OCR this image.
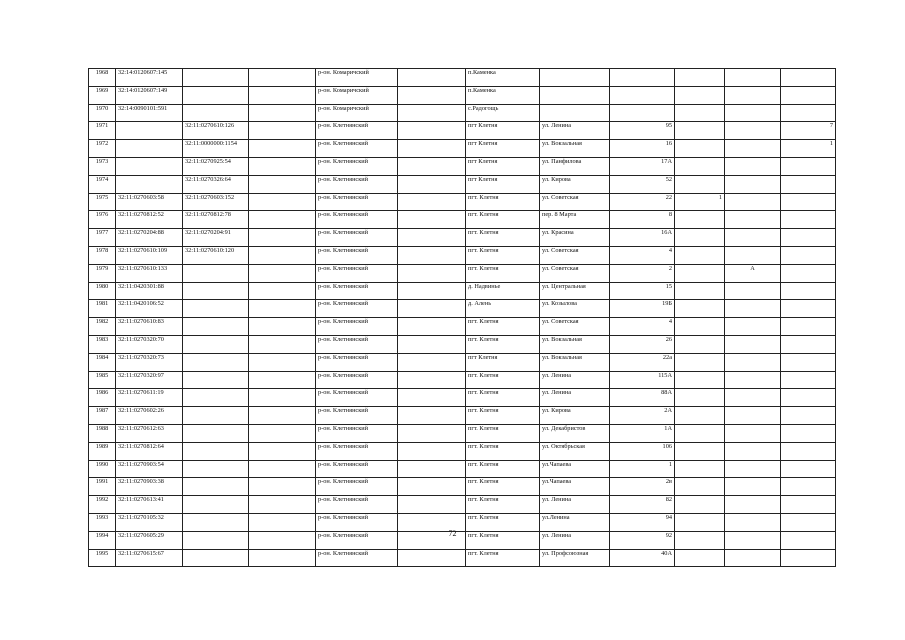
1968	32:14:0120607:145			р-он. Комаричский		п.Каменка					
1969	32:14:0120607:149			р-он. Комаричский		п.Каменка					
1970	32:14:0090101:591			р-он. Комаричский		с.Радогощь					
1971		32:11:0270610:126		р-он. Клетнянский		пгт Клетня	ул. Ленина	95			7
1972		32:11:0000000:1154		р-он. Клетнянский		пгт Клетня	ул. Вокзальная	16			1
1973		32:11:0270925:54		р-он. Клетнянский		пгт Клетня	ул. Панфилова	17А			
1974		32:11:0270326:64		р-он. Клетнянский		пгт Клетня	ул. Кирова	52			
1975	32:11:0270603:58	32:11:0270603:152		р-он. Клетнянский		пгт. Клетня	ул. Советская	22	1		
1976	32:11:0270812:52	32:11:0270812:78		р-он. Клетнянский		пгт. Клетня	пер. 8 Марта	8			
1977	32:11:0270204:88	32:11:0270204:91		р-он. Клетнянский		пгт. Клетня	ул. Красина	16А			
1978	32:11:0270610:109	32:11:0270610:120		р-он. Клетнянский		пгт. Клетня	ул. Советская	4			
1979	32:11:0270610:133			р-он. Клетнянский		пгт. Клетня	ул. Советская	2		А	
1980	32:11:0420301:88			р-он. Клетнянский		д. Надвинье	ул. Центральная	15			
1981	32:11:0420106:52			р-он. Клетнянский		д. Алень	ул. Козылова	19Б			
1982	32:11:0270610:83			р-он. Клетнянский		пгт. Клетня	ул. Советская	4			
1983	32:11:0270320:70			р-он. Клетнянский		пгт. Клетня	ул. Вокзальная	26			
1984	32:11:0270320:73			р-он. Клетнянский		пгт Клетня	ул. Вокзальная	22а			
1985	32:11:0270320:97			р-он. Клетнянский		пгт. Клетня	ул. Ленина	115А			
1986	32:11:0270611:19			р-он. Клетнянский		пгт. Клетня	ул. Ленина	88А			
1987	32:11:0270602:26			р-он. Клетнянский		пгт. Клетня	ул. Кирова	2А			
1988	32:11:0270612:63			р-он. Клетнянский		пгт. Клетня	ул. Декабристов	1А			
1989	32:11:0270812:64			р-он. Клетнянский		пгт. Клетня	ул. Октябрьская	106			
1990	32:11:0270903:54			р-он. Клетнянский		пгт. Клетня	ул.Чапаева	1			
1991	32:11:0270903:38			р-он. Клетнянский		пгт. Клетня	ул.Чапаева	2в			
1992	32:11:0270613:41			р-он. Клетнянский		пгт. Клетня	ул. Ленина	82			
1993	32:11:0270105:32			р-он. Клетнянский		пгт. Клетня	ул.Ленина	94			
1994	32:11:0270605:29			р-он. Клетнянский		пгт. Клетня	ул. Ленина	92			
1995	32:11:0270615:67			р-он. Клетнянский		пгт. Клетня	ул. Профсоюзная	40А			
72
